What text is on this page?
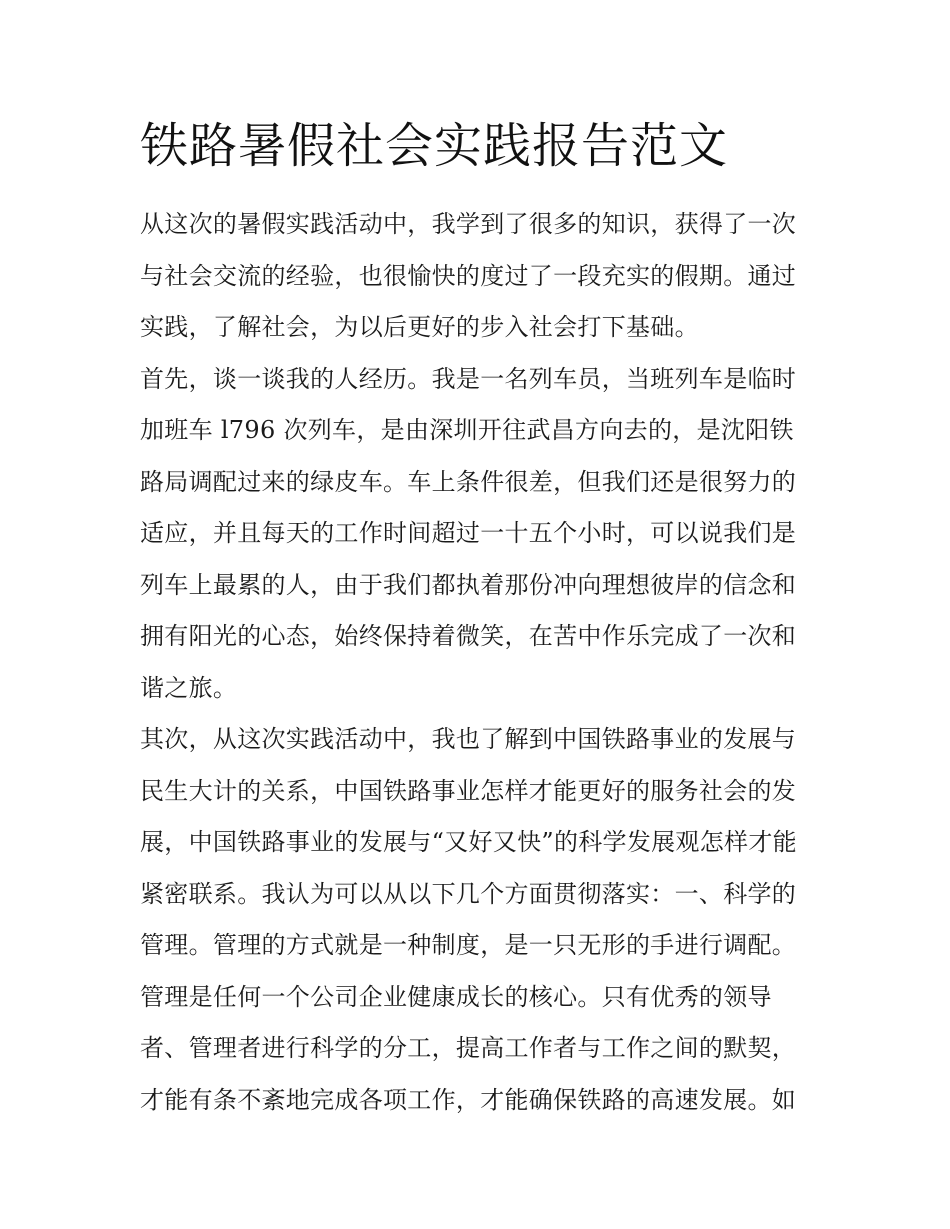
铁路暑假社会实践报告范文
从这次的暑假实践活动中，我学到了很多的知识，获得了一次
与社会交流的经验，也很愉快的度过了一段充实的假期。通过
实践，了解社会，为以后更好的步入社会打下基础。
首先，谈一谈我的人经历。我是一名列车员，当班列车是临时
加班车 l796 次列车，是由深圳开往武昌方向去的，是沈阳铁
路局调配过来的绿皮车。车上条件很差，但我们还是很努力的
适应，并且每天的工作时间超过一十五个小时，可以说我们是
列车上最累的人，由于我们都执着那份冲向理想彼岸的信念和
拥有阳光的心态，始终保持着微笑，在苦中作乐完成了一次和
谐之旅。
其次，从这次实践活动中，我也了解到中国铁路事业的发展与
民生大计的关系，中国铁路事业怎样才能更好的服务社会的发
展，中国铁路事业的发展与“又好又快”的科学发展观怎样才能
紧密联系。我认为可以从以下几个方面贯彻落实：一、科学的
管理。管理的方式就是一种制度，是一只无形的手进行调配。
管理是任何一个公司企业健康成长的核心。只有优秀的领导
者、管理者进行科学的分工，提高工作者与工作之间的默契，
才能有条不紊地完成各项工作，才能确保铁路的高速发展。如
